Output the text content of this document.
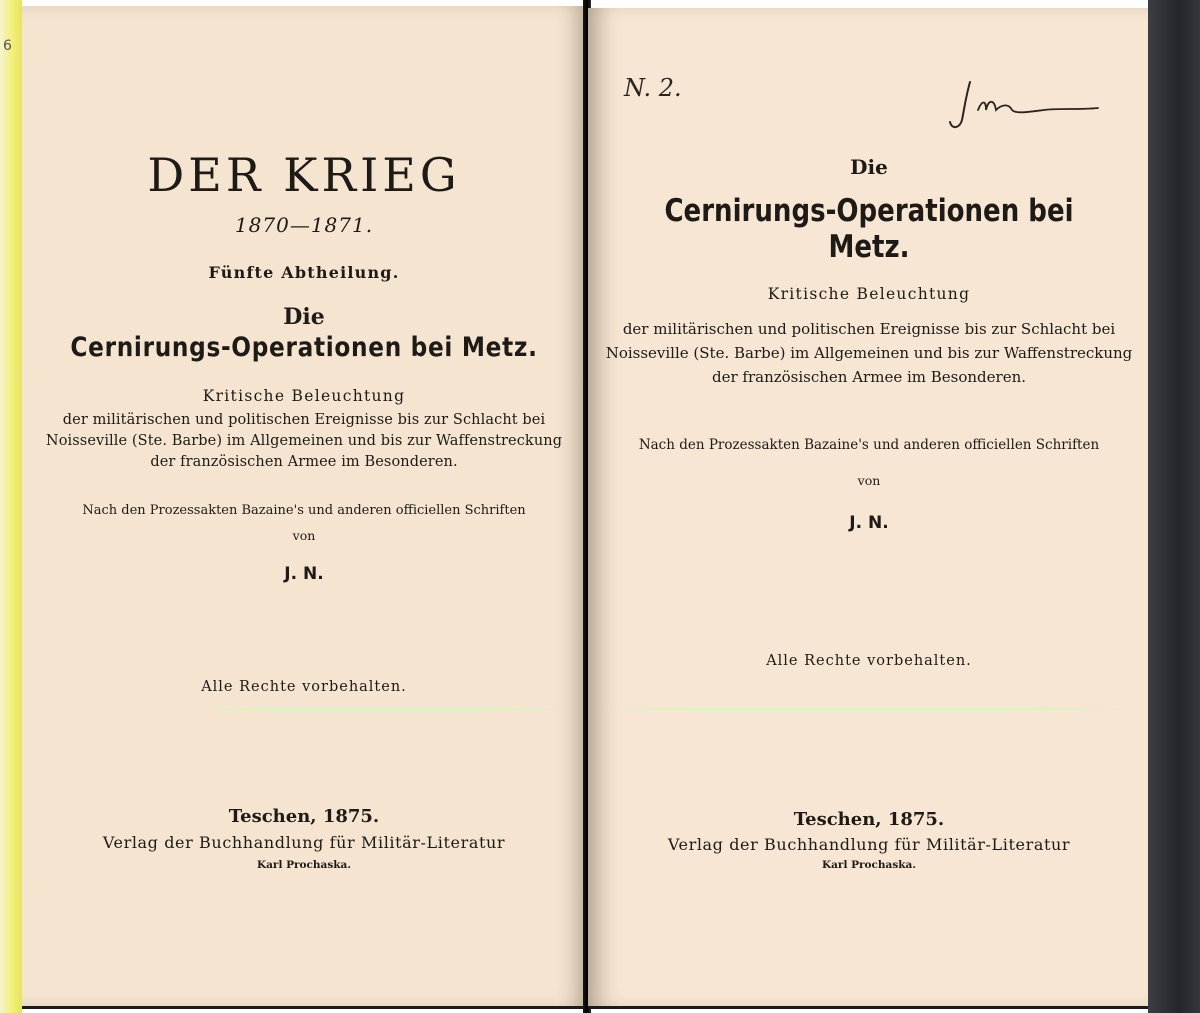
6
DER KRIEG
1870—1871.
Fünfte Abtheilung.
Die
Cernirungs-Operationen bei Metz.
Kritische Beleuchtung
der militärischen und politischen Ereignisse bis zur Schlacht bei
Noisseville (Ste. Barbe) im Allgemeinen und bis zur Waffenstreckung
der französischen Armee im Besonderen.
Nach den Prozessakten Bazaine's und anderen officiellen Schriften
von
J. N.
Alle Rechte vorbehalten.
Teschen, 1875.
Verlag der Buchhandlung für Militär-Literatur
Karl Prochaska.
N. 2.
Die
Cernirungs-Operationen bei Metz.
Kritische Beleuchtung
der militärischen und politischen Ereignisse bis zur Schlacht bei
Noisseville (Ste. Barbe) im Allgemeinen und bis zur Waffenstreckung
der französischen Armee im Besonderen.
Nach den Prozessakten Bazaine's und anderen officiellen Schriften
von
J. N.
Alle Rechte vorbehalten.
Teschen, 1875.
Verlag der Buchhandlung für Militär-Literatur
Karl Prochaska.
